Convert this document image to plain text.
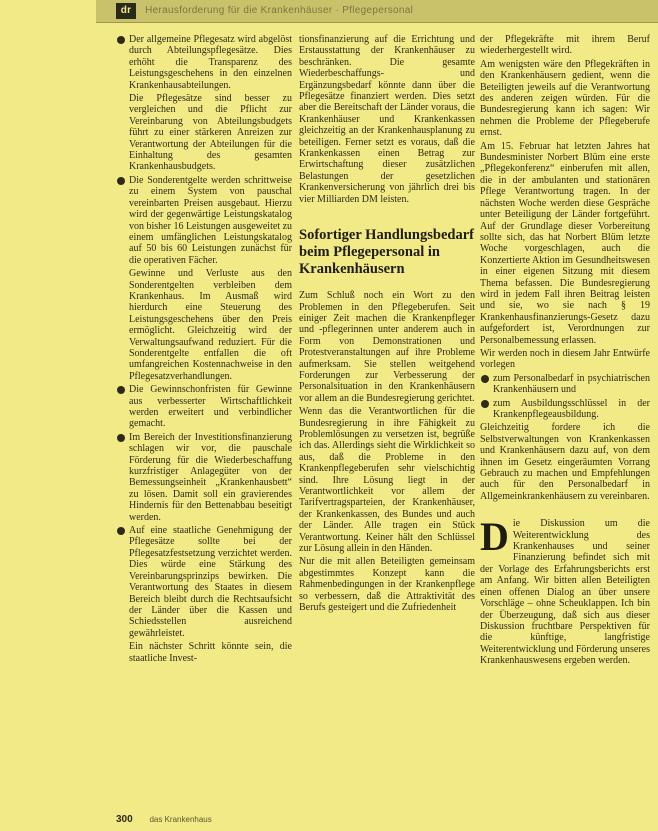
dr Herausforderung für die Krankenhäuser · Pflegepersonal

Der allgemeine Pflegesatz wird abgelöst durch Abteilungspflegesätze. Dies erhöht die Transparenz des Leistungsgeschehens in den einzelnen Krankenhausabteilungen.

Die Pflegesätze sind besser zu vergleichen und die Pflicht zur Vereinbarung von Abteilungsbudgets führt zu einer stärkeren Anreizen zur Verantwortung der Abteilungen für die Einhaltung des gesamten Krankenhausbudgets.

Die Sonderentgelte werden schrittweise zu einem System von pauschal vereinbarten Preisen ausgebaut. Hierzu wird der gegenwärtige Leistungskatalog von bisher 16 Leistungen ausgeweitet zu einem umfänglichen Leistungskatalog auf 50 bis 60 Leistungen zunächst für die operativen Fächer.

Gewinne und Verluste aus den Sonderentgelten verbleiben dem Krankenhaus. Im Ausmaß wird hierdurch eine Steuerung des Leistungsgeschehens über den Preis ermöglicht. Gleichzeitig wird der Verwaltungsaufwand reduziert. Für die Sonderentgelte entfallen die oft umfangreichen Kostennachweise in den Pflegesatzverhandlungen.

Die Gewinnschonfristen für Gewinne aus verbesserter Wirtschaftlichkeit werden erweitert und verbindlicher gemacht.

Im Bereich der Investitionsfinanzierung schlagen wir vor, die pauschale Förderung für die Wiederbeschaffung kurzfristiger Anlagegüter von der Bemessungseinheit „Krankenhausbett“ zu lösen. Damit soll ein gravierendes Hindernis für den Bettenabbau beseitigt werden.

Auf eine staatliche Genehmigung der Pflegesätze sollte bei der Pflegesatzfestsetzung verzichtet werden. Dies würde eine Stärkung des Vereinbarungsprinzips bewirken. Die Verantwortung des Staates in diesem Bereich bleibt durch die Rechtsaufsicht der Länder über die Kassen und Schiedsstellen ausreichend gewährleistet.

Ein nächster Schritt könnte sein, die staatliche Invest-

tionsfinanzierung auf die Errichtung und Erstausstattung der Krankenhäuser zu beschränken. Die gesamte Wiederbeschaffungs- und Ergänzungsbedarf könnte dann über die Pflegesätze finanziert werden. Dies setzt aber die Bereitschaft der Länder voraus, die Krankenhäuser und Krankenkassen gleichzeitig an der Krankenhausplanung zu beteiligen. Ferner setzt es voraus, daß die Krankenkassen einen Betrag zur Erwirtschaftung dieser zusätzlichen Belastungen der gesetzlichen Krankenversicherung von jährlich drei bis vier Milliarden DM leisten.

Sofortiger Handlungsbedarf beim Pflegepersonal in Krankenhäusern

Zum Schluß noch ein Wort zu den Problemen in den Pflegeberufen. Seit einiger Zeit machen die Krankenpfleger und -pflegerinnen unter anderem auch in Form von Demonstrationen und Protestveranstaltungen auf ihre Probleme aufmerksam. Sie stellen weitgehend Forderungen zur Verbesserung der Personalsituation in den Krankenhäusern vor allem an die Bundesregierung gerichtet.

Wenn das die Verantwortlichen für die Bundesregierung in ihre Fähigkeit zu Problemlösungen zu versetzen ist, begrüße ich das. Allerdings sieht die Wirklichkeit so aus, daß die Probleme in den Krankenpflegeberufen sehr vielschichtig sind. Ihre Lösung liegt in der Verantwortlichkeit vor allem der Tarifvertragsparteien, der Krankenhäuser, der Krankenkassen, des Bundes und auch der Länder. Alle tragen ein Stück Verantwortung. Keiner hält den Schlüssel zur Lösung allein in den Händen.

Nur die mit allen Beteiligten gemeinsam abgestimmtes Konzept kann die Rahmenbedingungen in der Krankenpflege so verbessern, daß die Attraktivität des Berufs gesteigert und die Zufriedenheit

der Pflegekräfte mit ihrem Beruf wiederhergestellt wird.

Am wenigsten wäre den Pflegekräften in den Krankenhäusern gedient, wenn die Beteiligten jeweils auf die Verantwortung des anderen zeigen würden. Für die Bundesregierung kann ich sagen: Wir nehmen die Probleme der Pflegeberufe ernst.

Am 15. Februar hat letzten Jahres hat Bundesminister Norbert Blüm eine erste „Pflegekonferenz“ einberufen mit allen, die in der ambulanten und stationären Pflege Verantwortung tragen. In der nächsten Woche werden diese Gespräche unter Beteiligung der Länder fortgeführt. Auf der Grundlage dieser Vorbereitung sollte sich, das hat Norbert Blüm letzte Woche vorgeschlagen, auch die Konzertierte Aktion im Gesundheitswesen in einer eigenen Sitzung mit diesem Thema befassen. Die Bundesregierung wird in jedem Fall ihren Beitrag leisten und sie, wo sie nach § 19 Krankenhausfinanzierungs-Gesetz dazu aufgefordert ist, Verordnungen zur Personalbemessung erlassen.

Wir werden noch in diesem Jahr Entwürfe vorlegen

zum Personalbedarf in psychiatrischen Krankenhäusern und

zum Ausbildungsschlüssel in der Krankenpflegeausbildung.

Gleichzeitig fordere ich die Selbstverwaltungen von Krankenkassen und Krankenhäusern dazu auf, von dem ihnen im Gesetz eingeräumten Vorrang Gebrauch zu machen und Empfehlungen auch für den Personalbedarf in Allgemeinkrankenhäusern zu vereinbaren.

D ie Diskussion um die Weiterentwicklung des Krankenhauses und seiner Finanzierung befindet sich mit der Vorlage des Erfahrungsberichts erst am Anfang. Wir bitten allen Beteiligten einen offenen Dialog an über unsere Vorschläge – ohne Scheuklappen. Ich bin der Überzeugung, daß sich aus dieser Diskussion fruchtbare Perspektiven für die künftige, langfristige Weiterentwicklung und Förderung unseres Krankenhauswesens ergeben werden.

300 das Krankenhaus
